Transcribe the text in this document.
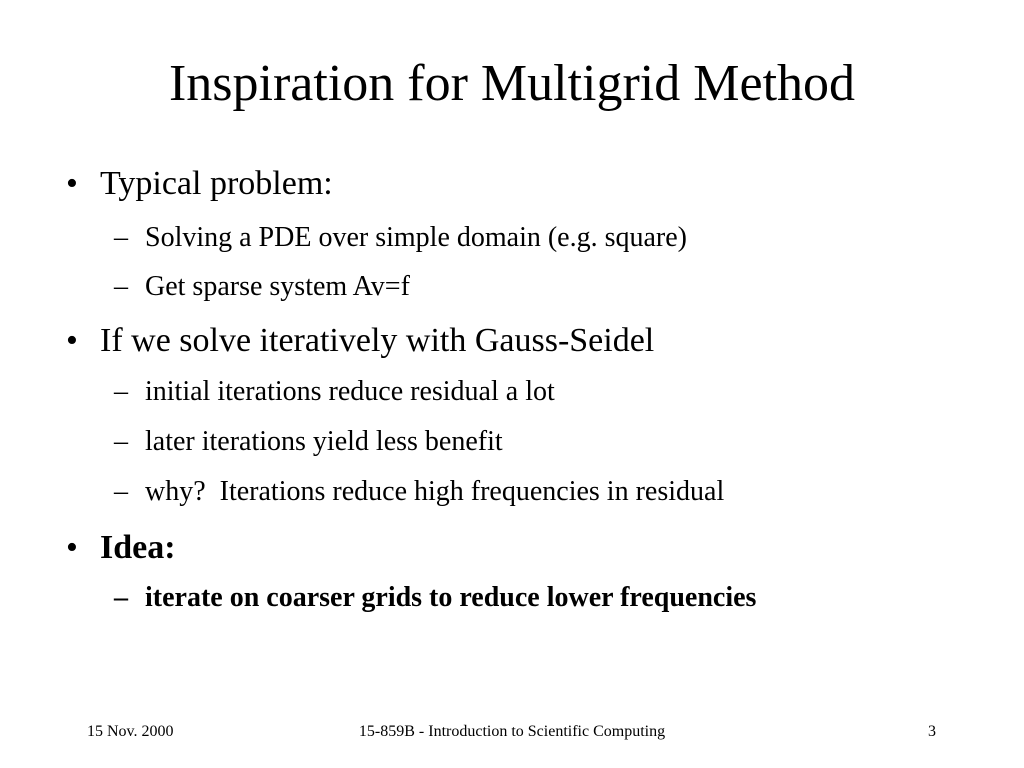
Inspiration for Multigrid Method
• Typical problem:
– Solving a PDE over simple domain (e.g. square)
– Get sparse system Av=f
• If we solve iteratively with Gauss-Seidel
– initial iterations reduce residual a lot
– later iterations yield less benefit
– why?  Iterations reduce high frequencies in residual
• Idea:
– iterate on coarser grids to reduce lower frequencies
15 Nov. 2000	15-859B - Introduction to Scientific Computing	3
